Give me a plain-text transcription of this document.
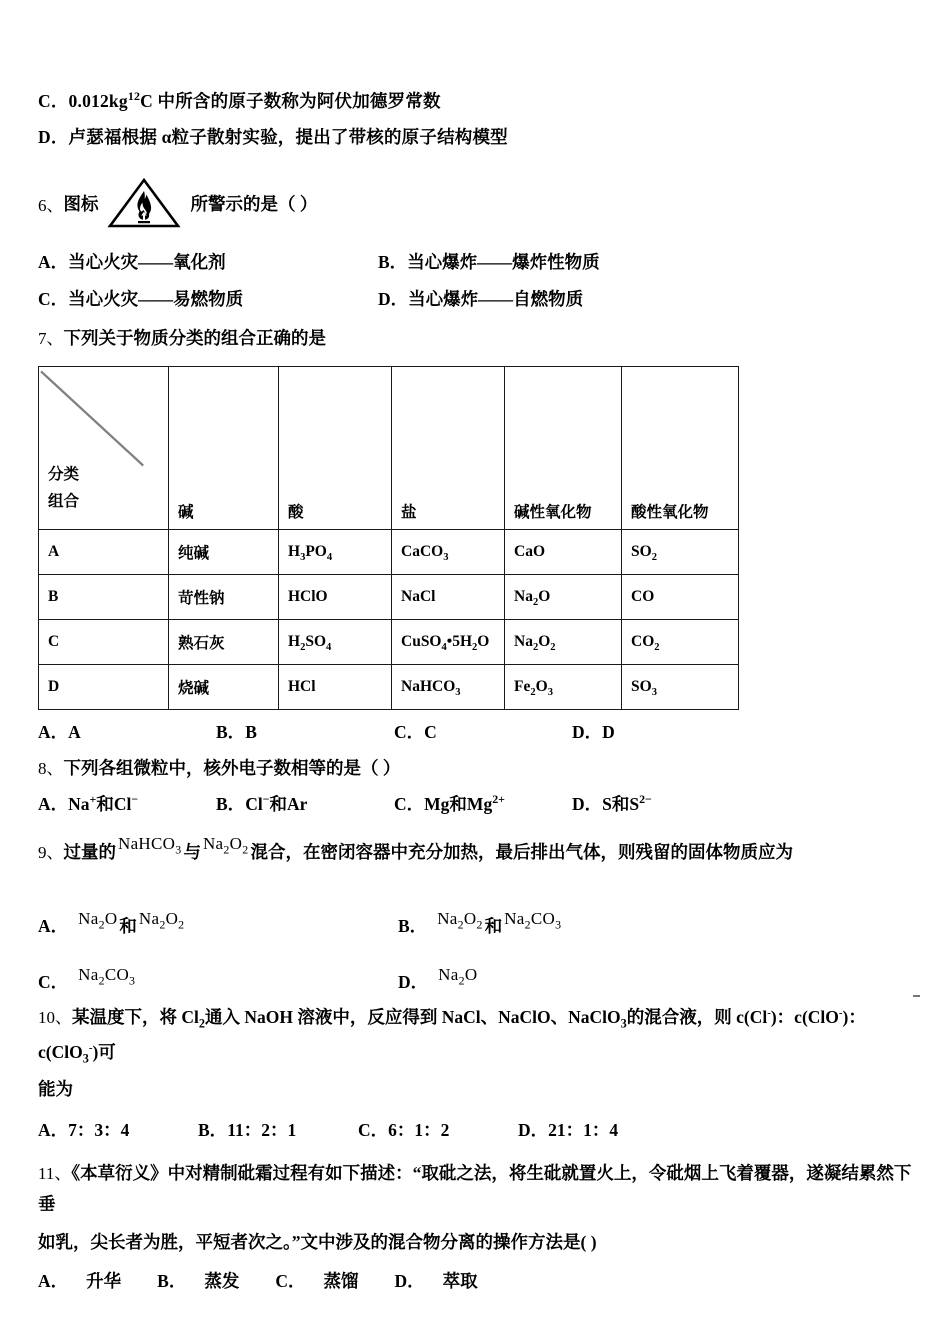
C．$0.012kg^{12}C$ 中所含的原子数称为阿伏加德罗常数
D．卢瑟福根据 α粒子散射实验，提出了带核的原子结构模型
6、 图标	所警示的是（ ）
A．当心火灾——氧化剂	B．当心爆炸——爆炸性物质
C．当心火灾——易燃物质	D．当心爆炸——自燃物质
7、下列关于物质分类的组合正确的是
分类
组合	碱	酸	盐	碱性氧化物	酸性氧化物
A	纯碱	$H_3PO_4$	CaCO$_3$	CaO	$SO_2$
B	苛性钠	HClO	NaCl	$Na_2O$	CO
C	熟石灰	$H_2SO_4$	$CuSO_4•5H_2O$	$Na_2O_2$	$CO_2$
D	烧碱	HCl	NaHCO$_3$	$Fe_2O_3$	$SO_3$
A．A	B．B	C．C	D．D
8、下列各组微粒中，核外电子数相等的是（ ）
A．Na+和Cl−	B．Cl−和Ar	C．Mg和$Mg^{2+}$	D．S和$S^{2-}$
9、过量的 NaHCO$_3$ 与 $Na_2O_2$ 混合，在密闭容器中充分加热，最后排出气体，则残留的固体物质应为
A． $Na_2O$ 和 $Na_2O_2$	B． $Na_2O_2$ 和 $Na_2CO_3$
C． $Na_2CO_3$	D． $Na_2O$
10、某温度下，将 $Cl_2$通入 NaOH 溶液中，反应得到 NaCl、NaClO、NaClO$_3$的混合液，则 c(Cl-)：c(ClO-)：c(ClO$_3$-)可
能为
A．7：3：4	B．11：2：1	C．6：1：2	D．21：1：4
11、《本草衍义》中对精制砒霜过程有如下描述：“取砒之法，将生砒就置火上，令砒烟上飞着覆器，遂凝结累然下垂
如乳，尖长者为胜，平短者次之。”文中涉及的混合物分离的操作方法是( )
A． 升华 B． 蒸发 C． 蒸馏 D． 萃取
